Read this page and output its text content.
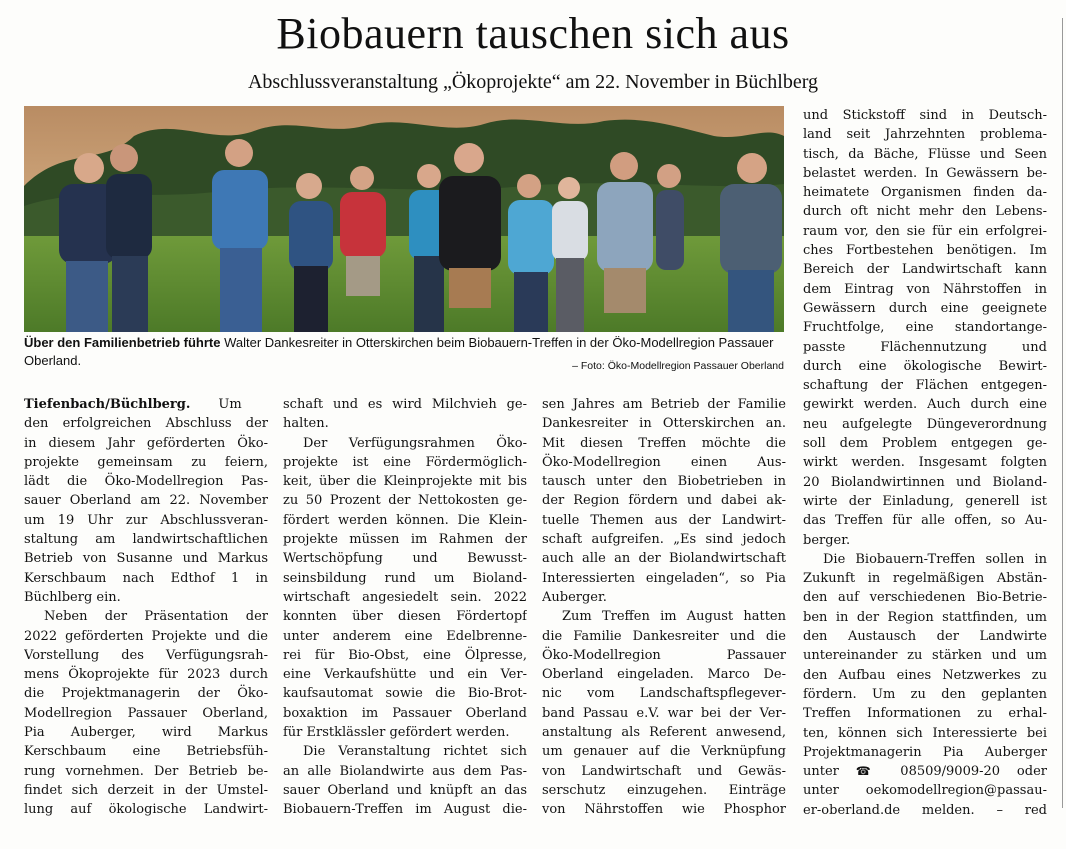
Biobauern tauschen sich aus
Abschlussveranstaltung „Ökoprojekte“ am 22. November in Büchlberg
Über den Familienbetrieb führte Walter Dankesreiter in Otterskirchen beim Biobauern-Treffen in der Öko-Modellregion Passauer Oberland.	– Foto: Öko-Modellregion Passauer Oberland

Tiefenbach/Büchlberg. Um
den erfolgreichen Abschluss der
in diesem Jahr geförderten Öko-
projekte gemeinsam zu feiern,
lädt die Öko-Modellregion Pas-
sauer Oberland am 22. November
um 19 Uhr zur Abschlussveran-
staltung am landwirtschaftlichen
Betrieb von Susanne und Markus
Kerschbaum nach Edthof 1 in
Büchlberg ein.

Neben der Präsentation der
2022 geförderten Projekte und die
Vorstellung des Verfügungsrah-
mens Ökoprojekte für 2023 durch
die Projektmanagerin der Öko-
Modellregion Passauer Oberland,
Pia Auberger, wird Markus
Kerschbaum eine Betriebsfüh-
rung vornehmen. Der Betrieb be-
findet sich derzeit in der Umstel-
lung auf ökologische Landwirt-

schaft und es wird Milchvieh ge-
halten.

Der Verfügungsrahmen Öko-
projekte ist eine Fördermöglich-
keit, über die Kleinprojekte mit bis
zu 50 Prozent der Nettokosten ge-
fördert werden können. Die Klein-
projekte müssen im Rahmen der
Wertschöpfung und Bewusst-
seinsbildung rund um Bioland-
wirtschaft angesiedelt sein. 2022
konnten über diesen Fördertopf
unter anderem eine Edelbrenne-
rei für Bio-Obst, eine Ölpresse,
eine Verkaufshütte und ein Ver-
kaufsautomat sowie die Bio-Brot-
boxaktion im Passauer Oberland
für Erstklässler gefördert werden.

Die Veranstaltung richtet sich
an alle Biolandwirte aus dem Pas-
sauer Oberland und knüpft an das
Biobauern-Treffen im August die-

sen Jahres am Betrieb der Familie
Dankesreiter in Otterskirchen an.
Mit diesen Treffen möchte die
Öko-Modellregion einen Aus-
tausch unter den Biobetrieben in
der Region fördern und dabei ak-
tuelle Themen aus der Landwirt-
schaft aufgreifen. „Es sind jedoch
auch alle an der Biolandwirtschaft
Interessierten eingeladen“, so Pia
Auberger.

Zum Treffen im August hatten
die Familie Dankesreiter und die
Öko-Modellregion Passauer
Oberland eingeladen. Marco De-
nic vom Landschaftspflegever-
band Passau e.V. war bei der Ver-
anstaltung als Referent anwesend,
um genauer auf die Verknüpfung
von Landwirtschaft und Gewäs-
serschutz einzugehen. Einträge
von Nährstoffen wie Phosphor

und Stickstoff sind in Deutsch-
land seit Jahrzehnten problema-
tisch, da Bäche, Flüsse und Seen
belastet werden. In Gewässern be-
heimatete Organismen finden da-
durch oft nicht mehr den Lebens-
raum vor, den sie für ein erfolgrei-
ches Fortbestehen benötigen. Im
Bereich der Landwirtschaft kann
dem Eintrag von Nährstoffen in
Gewässern durch eine geeignete
Fruchtfolge, eine standortange-
passte Flächennutzung und
durch eine ökologische Bewirt-
schaftung der Flächen entgegen-
gewirkt werden. Auch durch eine
neu aufgelegte Düngeverordnung
soll dem Problem entgegen ge-
wirkt werden. Insgesamt folgten
20 Biolandwirtinnen und Bioland-
wirte der Einladung, generell ist
das Treffen für alle offen, so Au-
berger.

Die Biobauern-Treffen sollen in
Zukunft in regelmäßigen Abstän-
den auf verschiedenen Bio-Betrie-
ben in der Region stattfinden, um
den Austausch der Landwirte
untereinander zu stärken und um
den Aufbau eines Netzwerkes zu
fördern. Um zu den geplanten
Treffen Informationen zu erhal-
ten, können sich Interessierte bei
Projektmanagerin Pia Auberger
unter ☎ 08509/9009-20 oder
unter oekomodellregion@passau-
er-oberland.de melden. – red
